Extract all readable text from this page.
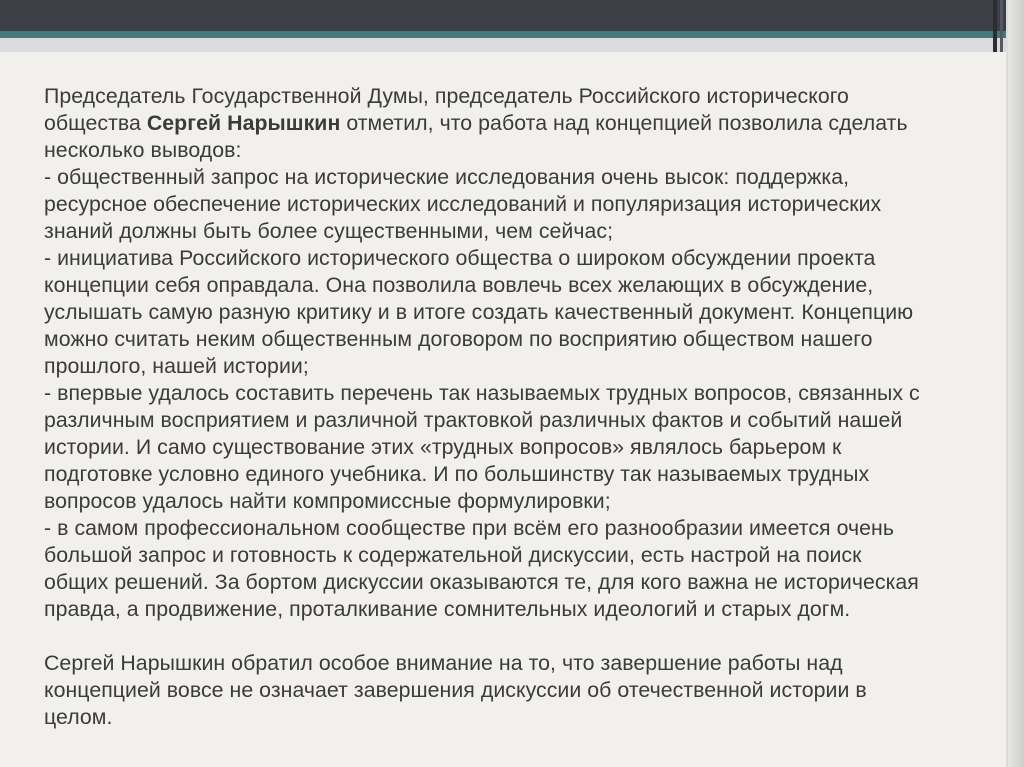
Председатель Государственной Думы, председатель Российского исторического
общества Сергей Нарышкин отметил, что работа над концепцией позволила сделать
несколько выводов:
- общественный запрос на исторические исследования очень высок: поддержка,
ресурсное обеспечение исторических исследований и популяризация исторических
знаний должны быть более существенными, чем сейчас;
- инициатива Российского исторического общества о широком обсуждении проекта
концепции себя оправдала. Она позволила вовлечь всех желающих в обсуждение,
услышать самую разную критику и в итоге создать качественный документ. Концепцию
можно считать неким общественным договором по восприятию обществом нашего
прошлого, нашей истории;
- впервые удалось составить перечень так называемых трудных вопросов, связанных с
различным восприятием и различной трактовкой различных фактов и событий нашей
истории. И само существование этих «трудных вопросов» являлось барьером к
подготовке условно единого учебника. И по большинству так называемых трудных
вопросов удалось найти компромиссные формулировки;
- в самом профессиональном сообществе при всём его разнообразии имеется очень
большой запрос и готовность к содержательной дискуссии, есть настрой на поиск
общих решений. За бортом дискуссии оказываются те, для кого важна не историческая
правда, а продвижение, проталкивание сомнительных идеологий и старых догм.

Сергей Нарышкин обратил особое внимание на то, что завершение работы над
концепцией вовсе не означает завершения дискуссии об отечественной истории в
целом.
